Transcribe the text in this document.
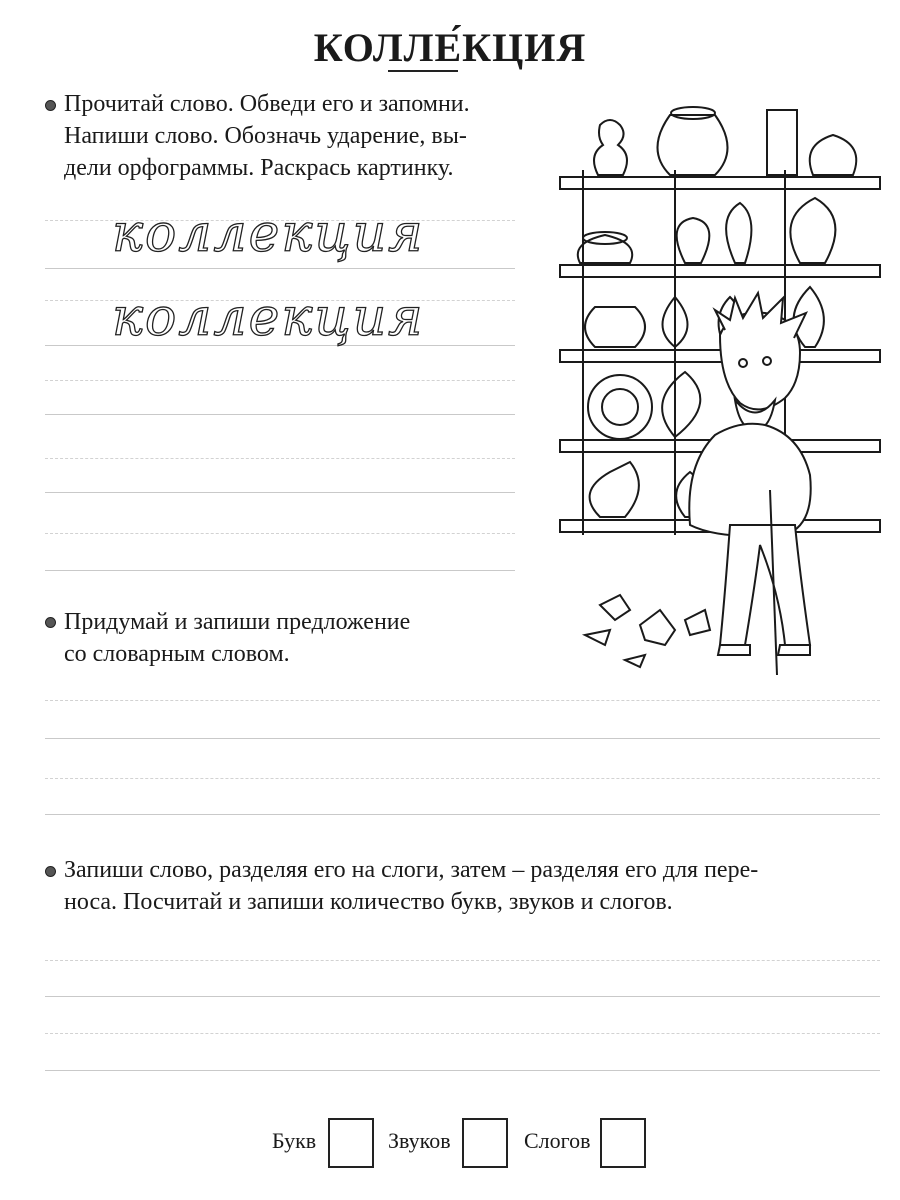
КОЛЛЕ́КЦИЯ
Прочитай слово. Обведи его и запомни.
Напиши слово. Обозначь ударение, вы-
дели орфограммы. Раскрась картинку.
коллекция
коллекция
Придумай и запиши предложение
со словарным словом.
Запиши слово, разделяя его на слоги, затем – разделяя его для пере-
носа. Посчитай и запиши количество букв, звуков и слогов.
Букв	Звуков	Слогов
